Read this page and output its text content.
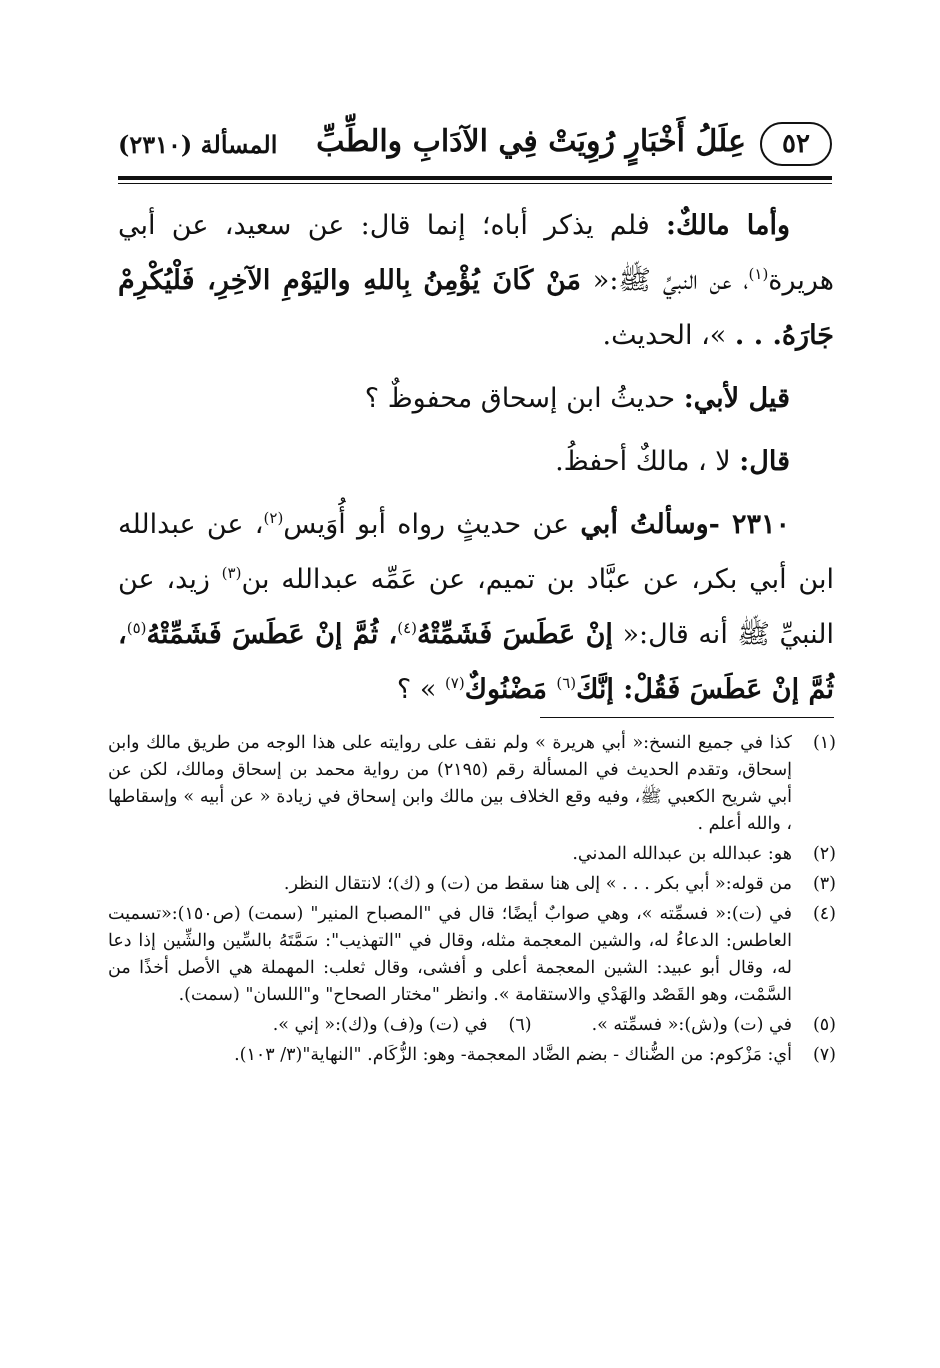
٥٢
عِلَلُ أَخْبَارٍ رُوِيَتْ فِي الآدَابِ والطِّبِّ
المسألة (٢٣١٠)

وأما مالكٌ: فلم يذكر أباه؛ إنما قال: عن سعيد، عن أبي هريرة$^{(١)}$، عن النبيِّ ﷺ:« مَنْ كَانَ يُؤْمِنُ بِاللهِ واليَوْمِ الآخِرِ، فَلْيُكْرِمْ جَارَهُ. . . »، الحديث.

قيل لأبي: حديثُ ابن إسحاق محفوظٌ ؟

قال: لا ، مالكٌ أحفظُ.

٢٣١٠ -وسألتُ أبي عن حديثٍ رواه أبو أُوَيس$^{(٢)}$، عن عبدالله ابن أبي بكر، عن عبَّاد بن تميم، عن عَمِّه عبدالله بن$^{(٣)}$ زيد، عن النبيِّ ﷺ أنه قال:« إنْ عَطَسَ فَشَمِّتْهُ$^{(٤)}$، ثُمَّ إنْ عَطَسَ فَشَمِّتْهُ$^{(٥)}$، ثُمَّ إنْ عَطَسَ فَقُلْ: إنَّكَ$^{(٦)}$ مَضْنُوكٌ$^{(٧)}$ » ؟

(١)
كذا في جميع النسخ:« أبي هريرة » ولم نقف على روايته على هذا الوجه من طريق مالك وابن إسحاق، وتقدم الحديث في المسألة رقم (٢١٩٥) من رواية محمد بن إسحاق ومالك، لكن عن أبي شريح الكعبي ﷺ، وفيه وقع الخلاف بين مالك وابن إسحاق في زيادة « عن أبيه » وإسقاطها ، والله أعلم .
(٢)
هو: عبدالله بن عبدالله المدني.
(٣)
من قوله:« أبي بكر . . . » إلى هنا سقط من (ت) و (ك)؛ لانتقال النظر.
(٤)
في (ت):« فسمِّته »، وهي صوابٌ أيضًا؛ قال في "المصباح المنير" (سمت) (ص١٥٠):«تسميت العاطس: الدعاءُ له، والشين المعجمة مثله، وقال في "التهذيب": سَمَّتَهُ بالسِّين والشِّين إذا دعا له، وقال أبو عبيد: الشين المعجمة أعلى و أفشى، وقال ثعلب: المهملة هي الأصل أخذًا من السَّمْت، وهو القَصْد والهَدْي والاستقامة ». وانظر "مختار الصحاح" و"اللسان" (سمت).
(٥)
في (ت) و(ش):« فسمِّته ».
(٦)
في (ت) و(ف) و(ك):« إني ».
(٧)
أي: مَزْكوم: من الضُّناك - بضم الضَّاد المعجمة- وهو: الزُّكَام. "النهاية"(٣/ ١٠٣).
